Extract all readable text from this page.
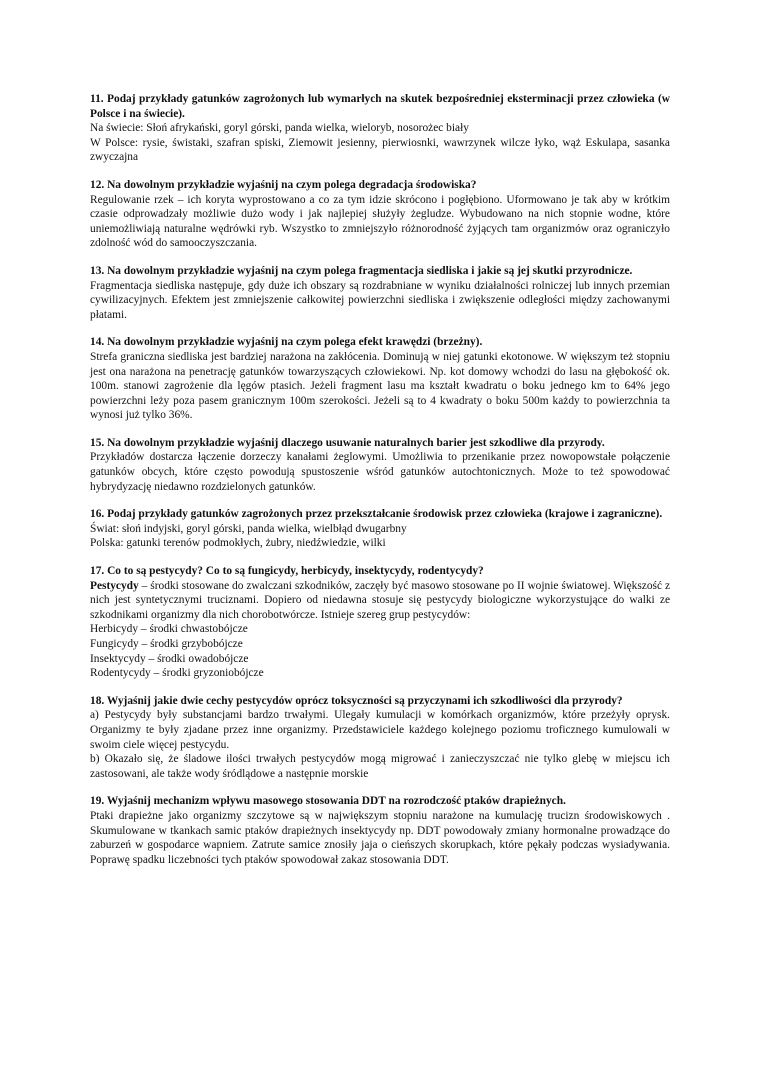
11. Podaj przykłady gatunków zagrożonych lub wymarłych na skutek bezpośredniej eksterminacji przez człowieka (w Polsce i na świecie).

Na świecie: Słoń afrykański, goryl górski, panda wielka, wieloryb, nosorożec biały

W Polsce: rysie, świstaki, szafran spiski, Ziemowit jesienny, pierwiosnki, wawrzynek wilcze łyko, wąż Eskulapa, sasanka zwyczajna

12. Na dowolnym przykładzie wyjaśnij na czym polega degradacja środowiska?

Regulowanie rzek – ich koryta wyprostowano a co za tym idzie skrócono i pogłębiono. Uformowano je tak aby w krótkim czasie odprowadzały możliwie dużo wody i jak najlepiej służyły żegludze. Wybudowano na nich stopnie wodne, które uniemożliwiają naturalne wędrówki ryb. Wszystko to zmniejszyło różnorodność żyjących tam organizmów oraz ograniczyło zdolność wód do samooczyszczania.

13. Na dowolnym przykładzie wyjaśnij na czym polega fragmentacja siedliska i jakie są jej skutki przyrodnicze.

Fragmentacja siedliska następuje, gdy duże ich obszary są rozdrabniane w wyniku działalności rolniczej lub innych przemian cywilizacyjnych. Efektem jest zmniejszenie całkowitej powierzchni siedliska i zwiększenie odległości między zachowanymi płatami.

14. Na dowolnym przykładzie wyjaśnij na czym polega efekt krawędzi (brzeżny).

Strefa graniczna siedliska jest bardziej narażona na zakłócenia. Dominują w niej gatunki ekotonowe. W większym też stopniu jest ona narażona na penetrację gatunków towarzyszących człowiekowi. Np. kot domowy wchodzi do lasu na głębokość ok. 100m. stanowi zagrożenie dla lęgów ptasich. Jeżeli fragment lasu ma kształt kwadratu o boku jednego km to 64% jego powierzchni leży poza pasem granicznym 100m szerokości. Jeżeli są to 4 kwadraty o boku 500m każdy to powierzchnia ta wynosi już tylko 36%.

15. Na dowolnym przykładzie wyjaśnij dlaczego usuwanie naturalnych barier jest szkodliwe dla przyrody.

Przykładów dostarcza łączenie dorzeczy kanałami żeglowymi. Umożliwia to przenikanie przez nowopowstałe połączenie gatunków obcych, które często powodują spustoszenie wśród gatunków autochtonicznych. Może to też spowodować hybrydyzację niedawno rozdzielonych gatunków.

16. Podaj przykłady gatunków zagrożonych przez przekształcanie środowisk przez człowieka (krajowe i zagraniczne).

Świat: słoń indyjski, goryl górski, panda wielka, wielbłąd dwugarbny

Polska: gatunki terenów podmokłych, żubry, niedźwiedzie, wilki

17. Co to są pestycydy? Co to są fungicydy, herbicydy, insektycydy, rodentycydy?

Pestycydy – środki stosowane do zwalczani szkodników, zaczęły być masowo stosowane po II wojnie światowej. Większość z nich jest syntetycznymi truciznami. Dopiero od niedawna stosuje się pestycydy biologiczne wykorzystujące do walki ze szkodnikami organizmy dla nich chorobotwórcze. Istnieje szereg grup pestycydów:

Herbicydy – środki chwastobójcze

Fungicydy – środki grzybobójcze

Insektycydy – środki owadobójcze

Rodentycydy – środki gryzoniobójcze

18. Wyjaśnij jakie dwie cechy pestycydów oprócz toksyczności są przyczynami ich szkodliwości dla przyrody?

a) Pestycydy były substancjami bardzo trwałymi. Ulegały kumulacji w komórkach organizmów, które przeżyły oprysk. Organizmy te były zjadane przez inne organizmy. Przedstawiciele każdego kolejnego poziomu troficznego kumulowali w swoim ciele więcej pestycydu.

b) Okazało się, że śladowe ilości trwałych pestycydów mogą migrować i zanieczyszczać nie tylko glebę w miejscu ich zastosowani, ale także wody śródlądowe a następnie morskie

19. Wyjaśnij mechanizm wpływu masowego stosowania DDT na rozrodczość ptaków drapieżnych.

Ptaki drapieżne jako organizmy szczytowe są w największym stopniu narażone na kumulację trucizn środowiskowych . Skumulowane w tkankach samic ptaków drapieżnych insektycydy np. DDT powodowały zmiany hormonalne prowadzące do zaburzeń w gospodarce wapniem. Zatrute samice znosiły jaja o cieńszych skorupkach, które pękały podczas wysiadywania. Poprawę spadku liczebności tych ptaków spowodował zakaz stosowania DDT.
